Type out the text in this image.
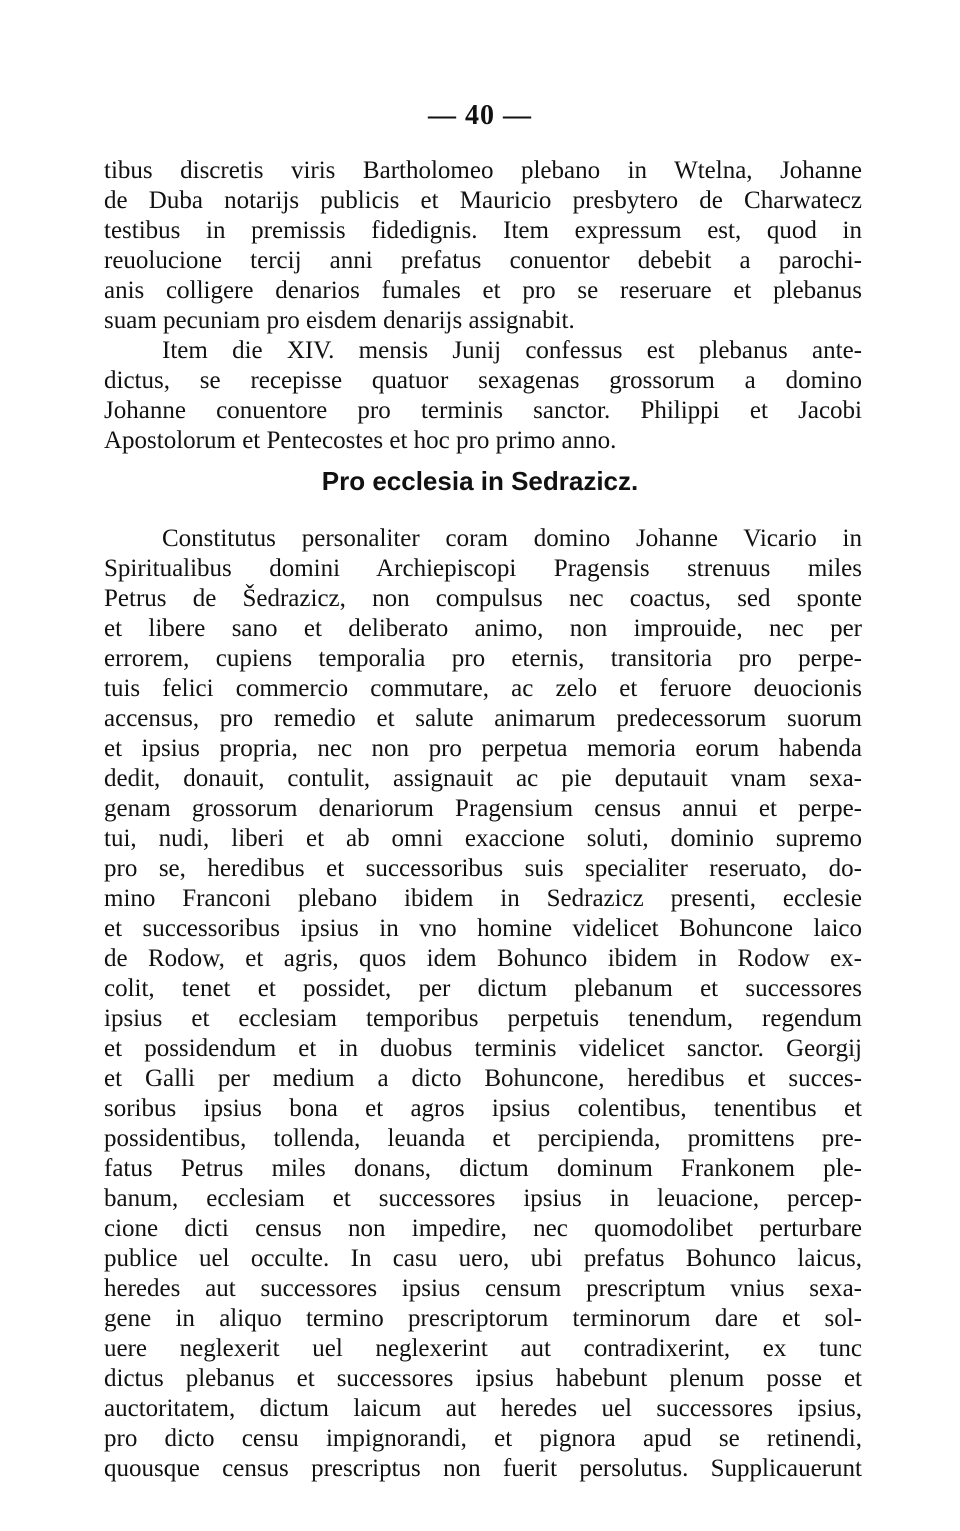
— 40 —
tibus discretis viris Bartholomeo plebano in Wtelna, Johanne
de Duba notarijs publicis et Mauricio presbytero de Charwatecz
testibus in premissis fidedignis. Item expressum est, quod in
reuolucione tercij anni prefatus conuentor debebit a parochi-
anis colligere denarios fumales et pro se reseruare et plebanus
suam pecuniam pro eisdem denarijs assignabit.
Item die XIV. mensis Junij confessus est plebanus ante-
dictus, se recepisse quatuor sexagenas grossorum a domino
Johanne conuentore pro terminis sanctor. Philippi et Jacobi
Apostolorum et Pentecostes et hoc pro primo anno.
Pro ecclesia in Sedrazicz.
Constitutus personaliter coram domino Johanne Vicario in
Spiritualibus domini Archiepiscopi Pragensis strenuus miles
Petrus de Šedrazicz, non compulsus nec coactus, sed sponte
et libere sano et deliberato animo, non improuide, nec per
errorem, cupiens temporalia pro eternis, transitoria pro perpe-
tuis felici commercio commutare, ac zelo et feruore deuocionis
accensus, pro remedio et salute animarum predecessorum suorum
et ipsius propria, nec non pro perpetua memoria eorum habenda
dedit, donauit, contulit, assignauit ac pie deputauit vnam sexa-
genam grossorum denariorum Pragensium census annui et perpe-
tui, nudi, liberi et ab omni exaccione soluti, dominio supremo
pro se, heredibus et successoribus suis specialiter reseruato, do-
mino Franconi plebano ibidem in Sedrazicz presenti, ecclesie
et successoribus ipsius in vno homine videlicet Bohuncone laico
de Rodow, et agris, quos idem Bohunco ibidem in Rodow ex-
colit, tenet et possidet, per dictum plebanum et successores
ipsius et ecclesiam temporibus perpetuis tenendum, regendum
et possidendum et in duobus terminis videlicet sanctor. Georgij
et Galli per medium a dicto Bohuncone, heredibus et succes-
soribus ipsius bona et agros ipsius colentibus, tenentibus et
possidentibus, tollenda, leuanda et percipienda, promittens pre-
fatus Petrus miles donans, dictum dominum Frankonem ple-
banum, ecclesiam et successores ipsius in leuacione, percep-
cione dicti census non impedire, nec quomodolibet perturbare
publice uel occulte. In casu uero, ubi prefatus Bohunco laicus,
heredes aut successores ipsius censum prescriptum vnius sexa-
gene in aliquo termino prescriptorum terminorum dare et sol-
uere neglexerit uel neglexerint aut contradixerint, ex tunc
dictus plebanus et successores ipsius habebunt plenum posse et
auctoritatem, dictum laicum aut heredes uel successores ipsius,
pro dicto censu impignorandi, et pignora apud se retinendi,
quousque census prescriptus non fuerit persolutus. Supplicauerunt
